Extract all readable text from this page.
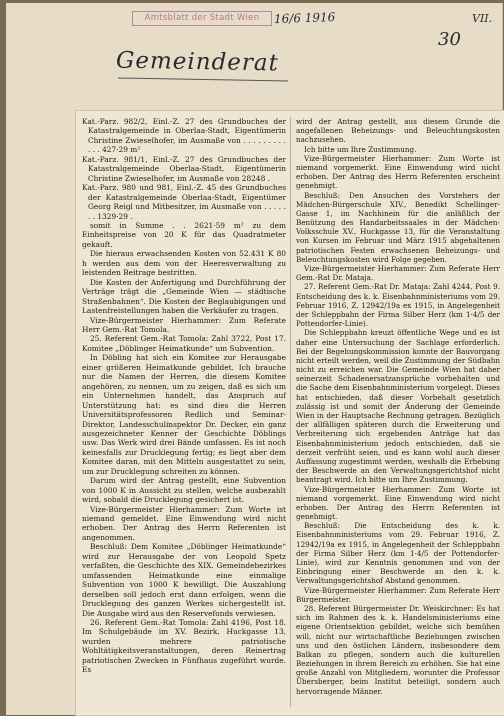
Amtsblatt der Stadt Wien	16/6 1916	VII.
30
Gemeinderat

Kat.-Parz. 982/2, Einl.-Z. 27 des Grundbuches der Katastralgemeinde in Oberlaa-Stadt, Eigentümerin Christine Zwieselhofer, im Ausmaße von . . . . . . . . . . . . 427·29 m²

Kat.-Parz. 981/1, Einl.-Z. 27 des Grundbuches der Katastralgemeinde Oberlaa-Stadt, Eigentümerin Christine Zwieselhofer, im Ausmaße von 28248 .

Kat.-Parz. 980 und 981, Einl.-Z. 45 des Grundbuches der Katastralgemeinde Oberlaa-Stadt, Eigentümer Georg Reigl und Mitbesitzer, im Ausmaße von . . . . . . . 1329·29 .

somit in Summe . . 2621·59 m² zu dem Einheitspreise von 20 K für das Quadratmeter gekauft.

Die hieraus erwachsenden Kosten von 52.431 K 80 h werden aus dem von der Heeresverwaltung zu leistenden Beitrage bestritten.

Die Kosten der Anfertigung und Durchführung der Verträge trägt die „Gemeinde Wien — städtische Straßenbahnen“. Die Kosten der Beglaubigungen und Lastenfreistellungen haben die Verkäufer zu tragen.

Vize-Bürgermeister Hierhammer: Zum Referate Herr Gem.-Rat Tomola.

25. Referent Gem.-Rat Tomola: Zahl 3722, Post 17. Komitee „Döblinger Heimatkunde“ um Subvention.

In Döbling hat sich ein Komitee zur Herausgabe einer größeren Heimatkunde gebildet. Ich brauche nur die Namen der Herren, die diesem Komitee angehören, zu nennen, um zu zeigen, daß es sich um ein Unternehmen handelt, das Anspruch auf Unterstützung hat: es sind dies die Herren Universitätsprofessoren Redlich und Seminar-Direktor, Landesschulinspektor Dr. Decker, ein ganz ausgezeichneter Kenner der Geschichte Döblings usw. Das Werk wird drei Bände umfassen. Es ist noch keinesfalls zur Drucklegung fertig; es liegt aber dem Komitee daran, mit den Mitteln ausgestattet zu sein, um zur Drucklegung schreiten zu können.

Darum wird der Antrag gestellt, eine Subvention von 1000 K in Aussicht zu stellen, welche ausbezahlt wird, sobald die Drucklegung gesichert ist.

Vize-Bürgermeister Hierhammer: Zum Worte ist niemand gemeldet. Eine Einwendung wird nicht erhoben. Der Antrag des Herrn Referenten ist angenommen.

Beschluß: Dem Komitee „Döblinger Heimatkunde“ wird zur Herausgabe der von Leopold Spetz verfaßten, die Geschichte des XIX. Gemeindebezirkes umfassenden Heimatkunde eine einmalige Subvention von 1000 K bewilligt. Die Auszahlung derselben soll jedoch erst dann erfolgen, wenn die Drucklegung des ganzen Werkes sichergestellt ist. Die Ausgabe wird aus den Reservefonds verwiesen.

26. Referent Gem.-Rat Tomola: Zahl 4196, Post 18. Im Schulgebäude im XV. Bezirk, Huckgasse 13, wurden mehrere patriotische Wohltätigkeitsveranstaltungen, deren Reinertrag patriotischen Zwecken in Fünfhaus zugeführt wurde. Es

wird der Antrag gestellt, aus diesem Grunde die angefallenen Beheizungs- und Beleuchtungskosten nachzusehen.

Ich bitte um Ihre Zustimmung.

Vize-Bürgermeister Hierhammer: Zum Worte ist niemand vorgemerkt. Eine Einwendung wird nicht erhoben. Der Antrag des Herrn Referenten erscheint genehmigt.

Beschluß: Den Ansuchen des Vorstehers der Mädchen-Bürgerschule XIV., Benedikt Schellinger-Gasse 1, im Nachhinein für die anläßlich der Benützung des Handarbeitssaales in der Mädchen-Volksschule XV., Huckgasse 13, für die Veranstaltung von Kursen im Februar und März 1915 abgehaltenen patriotischen Festen erwachsenen Beheizungs- und Beleuchtungskosten wird Folge gegeben.

Vize-Bürgermeister Hierhammer: Zum Referate Herr Gem.-Rat Dr. Mataja.

27. Referent Gem.-Rat Dr. Mataja: Zahl 4244, Post 9. Entscheidung des k. k. Eisenbahnministeriums vom 29. Februar 1916, Z. 12942/19a ex 1915, in Angelegenheit der Schleppbahn der Firma Silber Herz (km 1·4/5 der Pottendorfer-Linie).

Die Schleppbahn kreuzt öffentliche Wege und es ist daher eine Untersuchung der Sachlage erforderlich. Bei der Begehungskommission konnte der Bauvorgang nicht erteilt werden, weil die Zustimmung der Südbahn nicht zu erreichen war. Die Gemeinde Wien hat daher seinerzeit Schadenersatzansprüche vorbehalten und die Sache dem Eisenbahnministerium vorgelegt. Dieses hat entschieden, daß dieser Vorbehalt gesetzlich zulässig ist und somit der Änderung der Gemeinde Wien in der Hauptsache Rechnung getragen. Bezüglich der allfälligen späteren durch die Erweiterung und Verbreiterung sich ergebenden Anträge hat das Eisenbahnministerium jedoch entschieden, daß sie derzeit verfrüht seien, und es kann wohl auch dieser Auffassung zugestimmt werden, weshalb die Erhebung der Beschwerde an den Verwaltungsgerichtshof nicht beantragt wird. Ich bitte um Ihre Zustimmung.

Vize-Bürgermeister Hierhammer: Zum Worte ist niemand vorgemerkt. Eine Einwendung wird nicht erhoben. Der Antrag des Herrn Referenten ist genehmigt.

Beschluß: Die Entscheidung des k. k. Eisenbahnministeriums vom 29. Februar 1916, Z. 12942/19a ex 1915, in Angelegenheit der Schleppbahn der Firma Silber Herz (km 1·4/5 der Pottendorfer-Linie), wird zur Kenntnis genommen und von der Einbringung einer Beschwerde an den k. k. Verwaltungsgerichtshof Abstand genommen.

Vize-Bürgermeister Hierhammer: Zum Referate Herr Bürgermeister.

28. Referent Bürgermeister Dr. Weiskirchner: Es hat sich im Rahmen des k. k. Handelsministeriums eine eigene Orientsektion gebildet, welche sich bemühen will, nicht nur wirtschaftliche Beziehungen zwischen uns und den östlichen Ländern, insbesondere dem Balkan zu pflegen, sondern auch die kulturellen Beziehungen in ihrem Bereich zu erhöhen. Sie hat eine große Anzahl von Mitgliedern, worunter die Professor Übersberger, beim Institut beteiligt, sondern auch hervorragende Männer.
